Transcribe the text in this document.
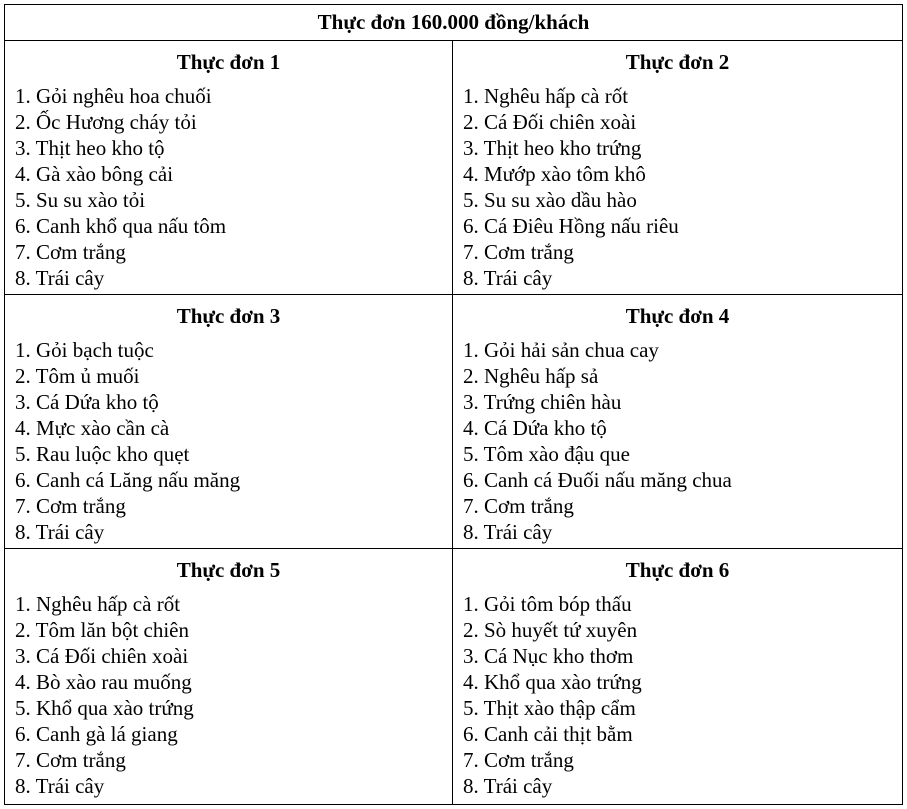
Thực đơn 160.000 đồng/khách
Thực đơn 1
1. Gỏi nghêu hoa chuối
2. Ốc Hương cháy tỏi
3. Thịt heo kho tộ
4. Gà xào bông cải
5. Su su xào tỏi
6. Canh khổ qua nấu tôm
7. Cơm trắng
8. Trái cây
Thực đơn 2
1. Nghêu hấp cà rốt
2. Cá Đối chiên xoài
3. Thịt heo kho trứng
4. Mướp xào tôm khô
5. Su su xào dầu hào
6. Cá Điêu Hồng nấu riêu
7. Cơm trắng
8. Trái cây
Thực đơn 3
1. Gỏi bạch tuộc
2. Tôm ủ muối
3. Cá Dứa kho tộ
4. Mực xào cần cà
5. Rau luộc kho quẹt
6. Canh cá Lăng nấu măng
7. Cơm trắng
8. Trái cây
Thực đơn 4
1. Gỏi hải sản chua cay
2. Nghêu hấp sả
3. Trứng chiên hàu
4. Cá Dứa kho tộ
5. Tôm xào đậu que
6. Canh cá Đuối nấu măng chua
7. Cơm trắng
8. Trái cây
Thực đơn 5
1. Nghêu hấp cà rốt
2. Tôm lăn bột chiên
3. Cá Đối chiên xoài
4. Bò xào rau muống
5. Khổ qua xào trứng
6. Canh gà lá giang
7. Cơm trắng
8. Trái cây
Thực đơn 6
1. Gỏi tôm bóp thấu
2. Sò huyết tứ xuyên
3. Cá Nục kho thơm
4. Khổ qua xào trứng
5. Thịt xào thập cẩm
6. Canh cải thịt bằm
7. Cơm trắng
8. Trái cây
